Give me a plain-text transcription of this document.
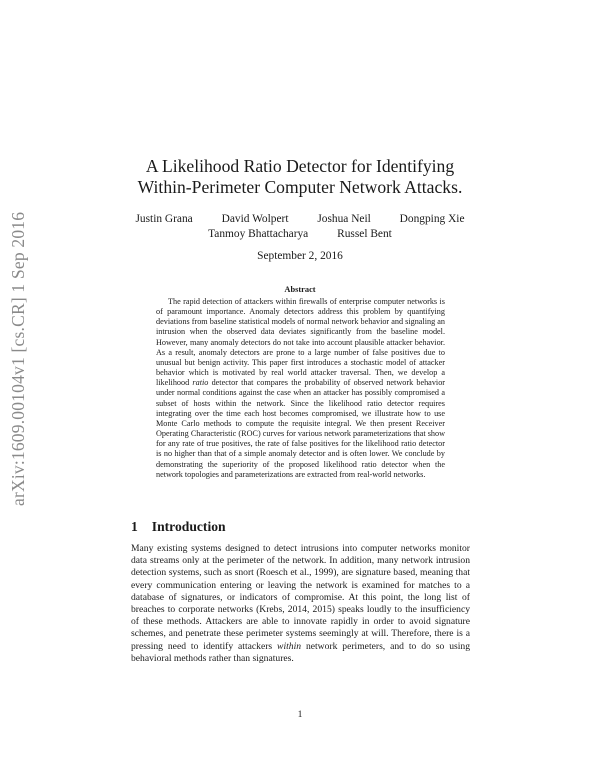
arXiv:1609.00104v1 [cs.CR] 1 Sep 2016
A Likelihood Ratio Detector for Identifying
Within-Perimeter Computer Network Attacks.
Justin Grana	David Wolpert	Joshua Neil	Dongping Xie
Tanmoy Bhattacharya	Russel Bent
September 2, 2016
Abstract
The rapid detection of attackers within firewalls of enterprise computer networks is of paramount importance. Anomaly detectors address this problem by quantifying deviations from baseline statistical models of normal network behavior and signaling an intrusion when the observed data deviates significantly from the baseline model. However, many anomaly detectors do not take into account plausible attacker behavior. As a result, anomaly detectors are prone to a large number of false positives due to unusual but benign activity. This paper first introduces a stochastic model of attacker behavior which is motivated by real world attacker traversal. Then, we develop a likelihood ratio detector that compares the probability of observed network behavior under normal conditions against the case when an attacker has possibly compromised a subset of hosts within the network. Since the likelihood ratio detector requires integrating over the time each host becomes compromised, we illustrate how to use Monte Carlo methods to compute the requisite integral. We then present Receiver Operating Characteristic (ROC) curves for various network parameterizations that show for any rate of true positives, the rate of false positives for the likelihood ratio detector is no higher than that of a simple anomaly detector and is often lower. We conclude by demonstrating the superiority of the proposed likelihood ratio detector when the network topologies and parameterizations are extracted from real-world networks.
1 Introduction
Many existing systems designed to detect intrusions into computer networks monitor data streams only at the perimeter of the network. In addition, many network intrusion detection systems, such as snort (Roesch et al., 1999), are signature based, meaning that every communication entering or leaving the network is examined for matches to a database of signatures, or indicators of compromise. At this point, the long list of breaches to corporate networks (Krebs, 2014, 2015) speaks loudly to the insufficiency of these methods. Attackers are able to innovate rapidly in order to avoid signature schemes, and penetrate these perimeter systems seemingly at will. Therefore, there is a pressing need to identify attackers within network perimeters, and to do so using behavioral methods rather than signatures.
1
